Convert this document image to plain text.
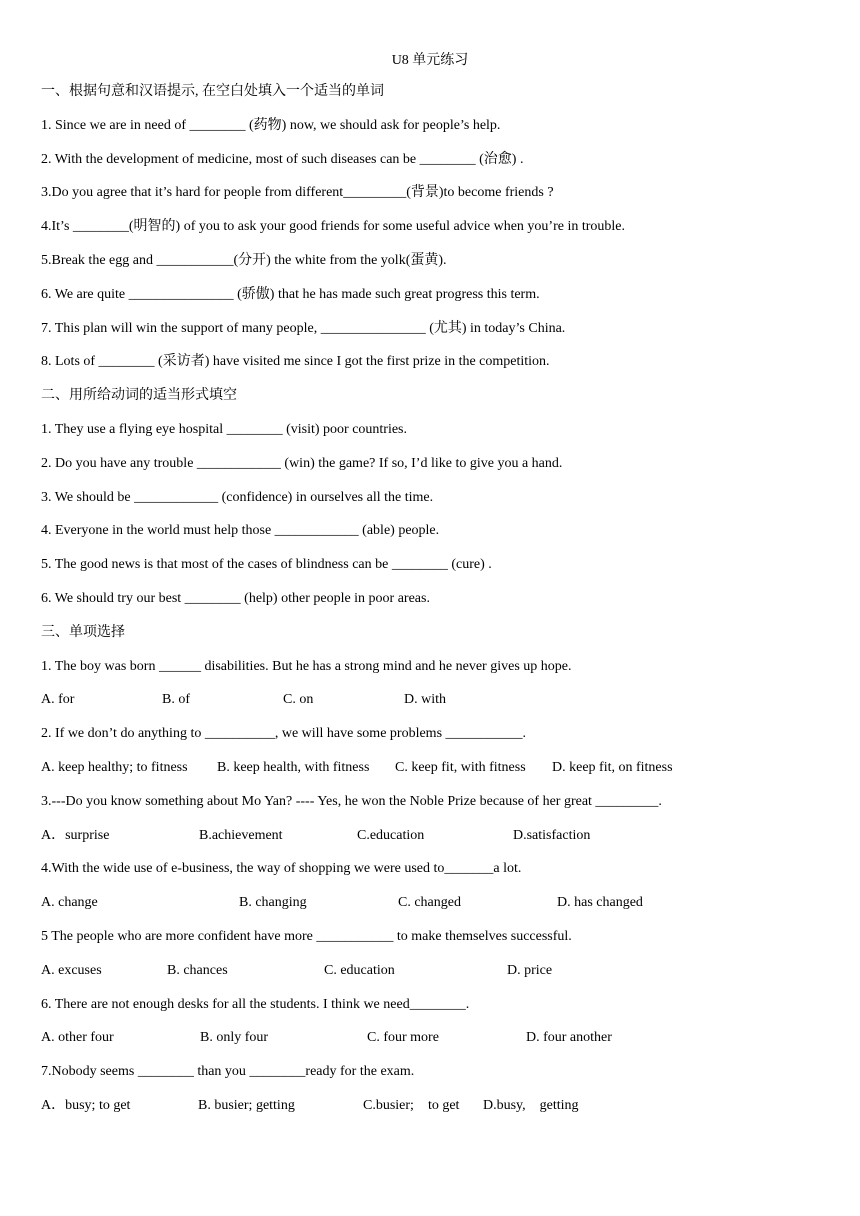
U8 单元练习
一、根据句意和汉语提示, 在空白处填入一个适当的单词
1. Since we are in need of ________ (药物) now, we should ask for people’s help.
2. With the development of medicine, most of such diseases can be ________ (治愈) .
3.Do you agree that it’s hard for people from different_________(背景)to become friends ?
4.It’s ________(明智的) of you to ask your good friends for some useful advice when you’re in trouble.
5.Break the egg and ___________(分开) the white from the yolk(蛋黄).
6. We are quite _______________ (骄傲) that he has made such great progress this term.
7. This plan will win the support of many people, _______________ (尤其) in today’s China.
8. Lots of ________ (采访者) have visited me since I got the first prize in the competition.
二、用所给动词的适当形式填空
1. They use a flying eye hospital ________ (visit) poor countries.
2. Do you have any trouble ____________ (win) the game? If so, I’d like to give you a hand.
3. We should be ____________ (confidence) in ourselves all the time.
4. Everyone in the world must help those ____________ (able) people.
5. The good news is that most of the cases of blindness can be ________ (cure) .
6. We should try our best ________ (help) other people in poor areas.
三、单项选择
1. The boy was born ______ disabilities. But he has a strong mind and he never gives up hope.
A. for	B. of	C. on	D. with
2. If we don’t do anything to __________, we will have some problems ___________.
A. keep healthy; to fitness	B. keep health, with fitness	C. keep fit, with fitness	D. keep fit, on fitness
3.---Do you know something about Mo Yan? ---- Yes, he won the Noble Prize because of her great _________.
A．surprise	B.achievement	C.education	D.satisfaction
4.With the wide use of e-business, the way of shopping we were used to_______a lot.
A. change	B. changing	C. changed	D. has changed
5 The people who are more confident have more ___________ to make themselves successful.
A. excuses	B. chances	C. education	D. price
6. There are not enough desks for all the students. I think we need________.
A. other four	B. only four	C. four more	D. four another
7.Nobody seems ________ than you ________ready for the exam.
A．busy; to get	B. busier; getting	C.busier;    to get	D.busy,    getting
